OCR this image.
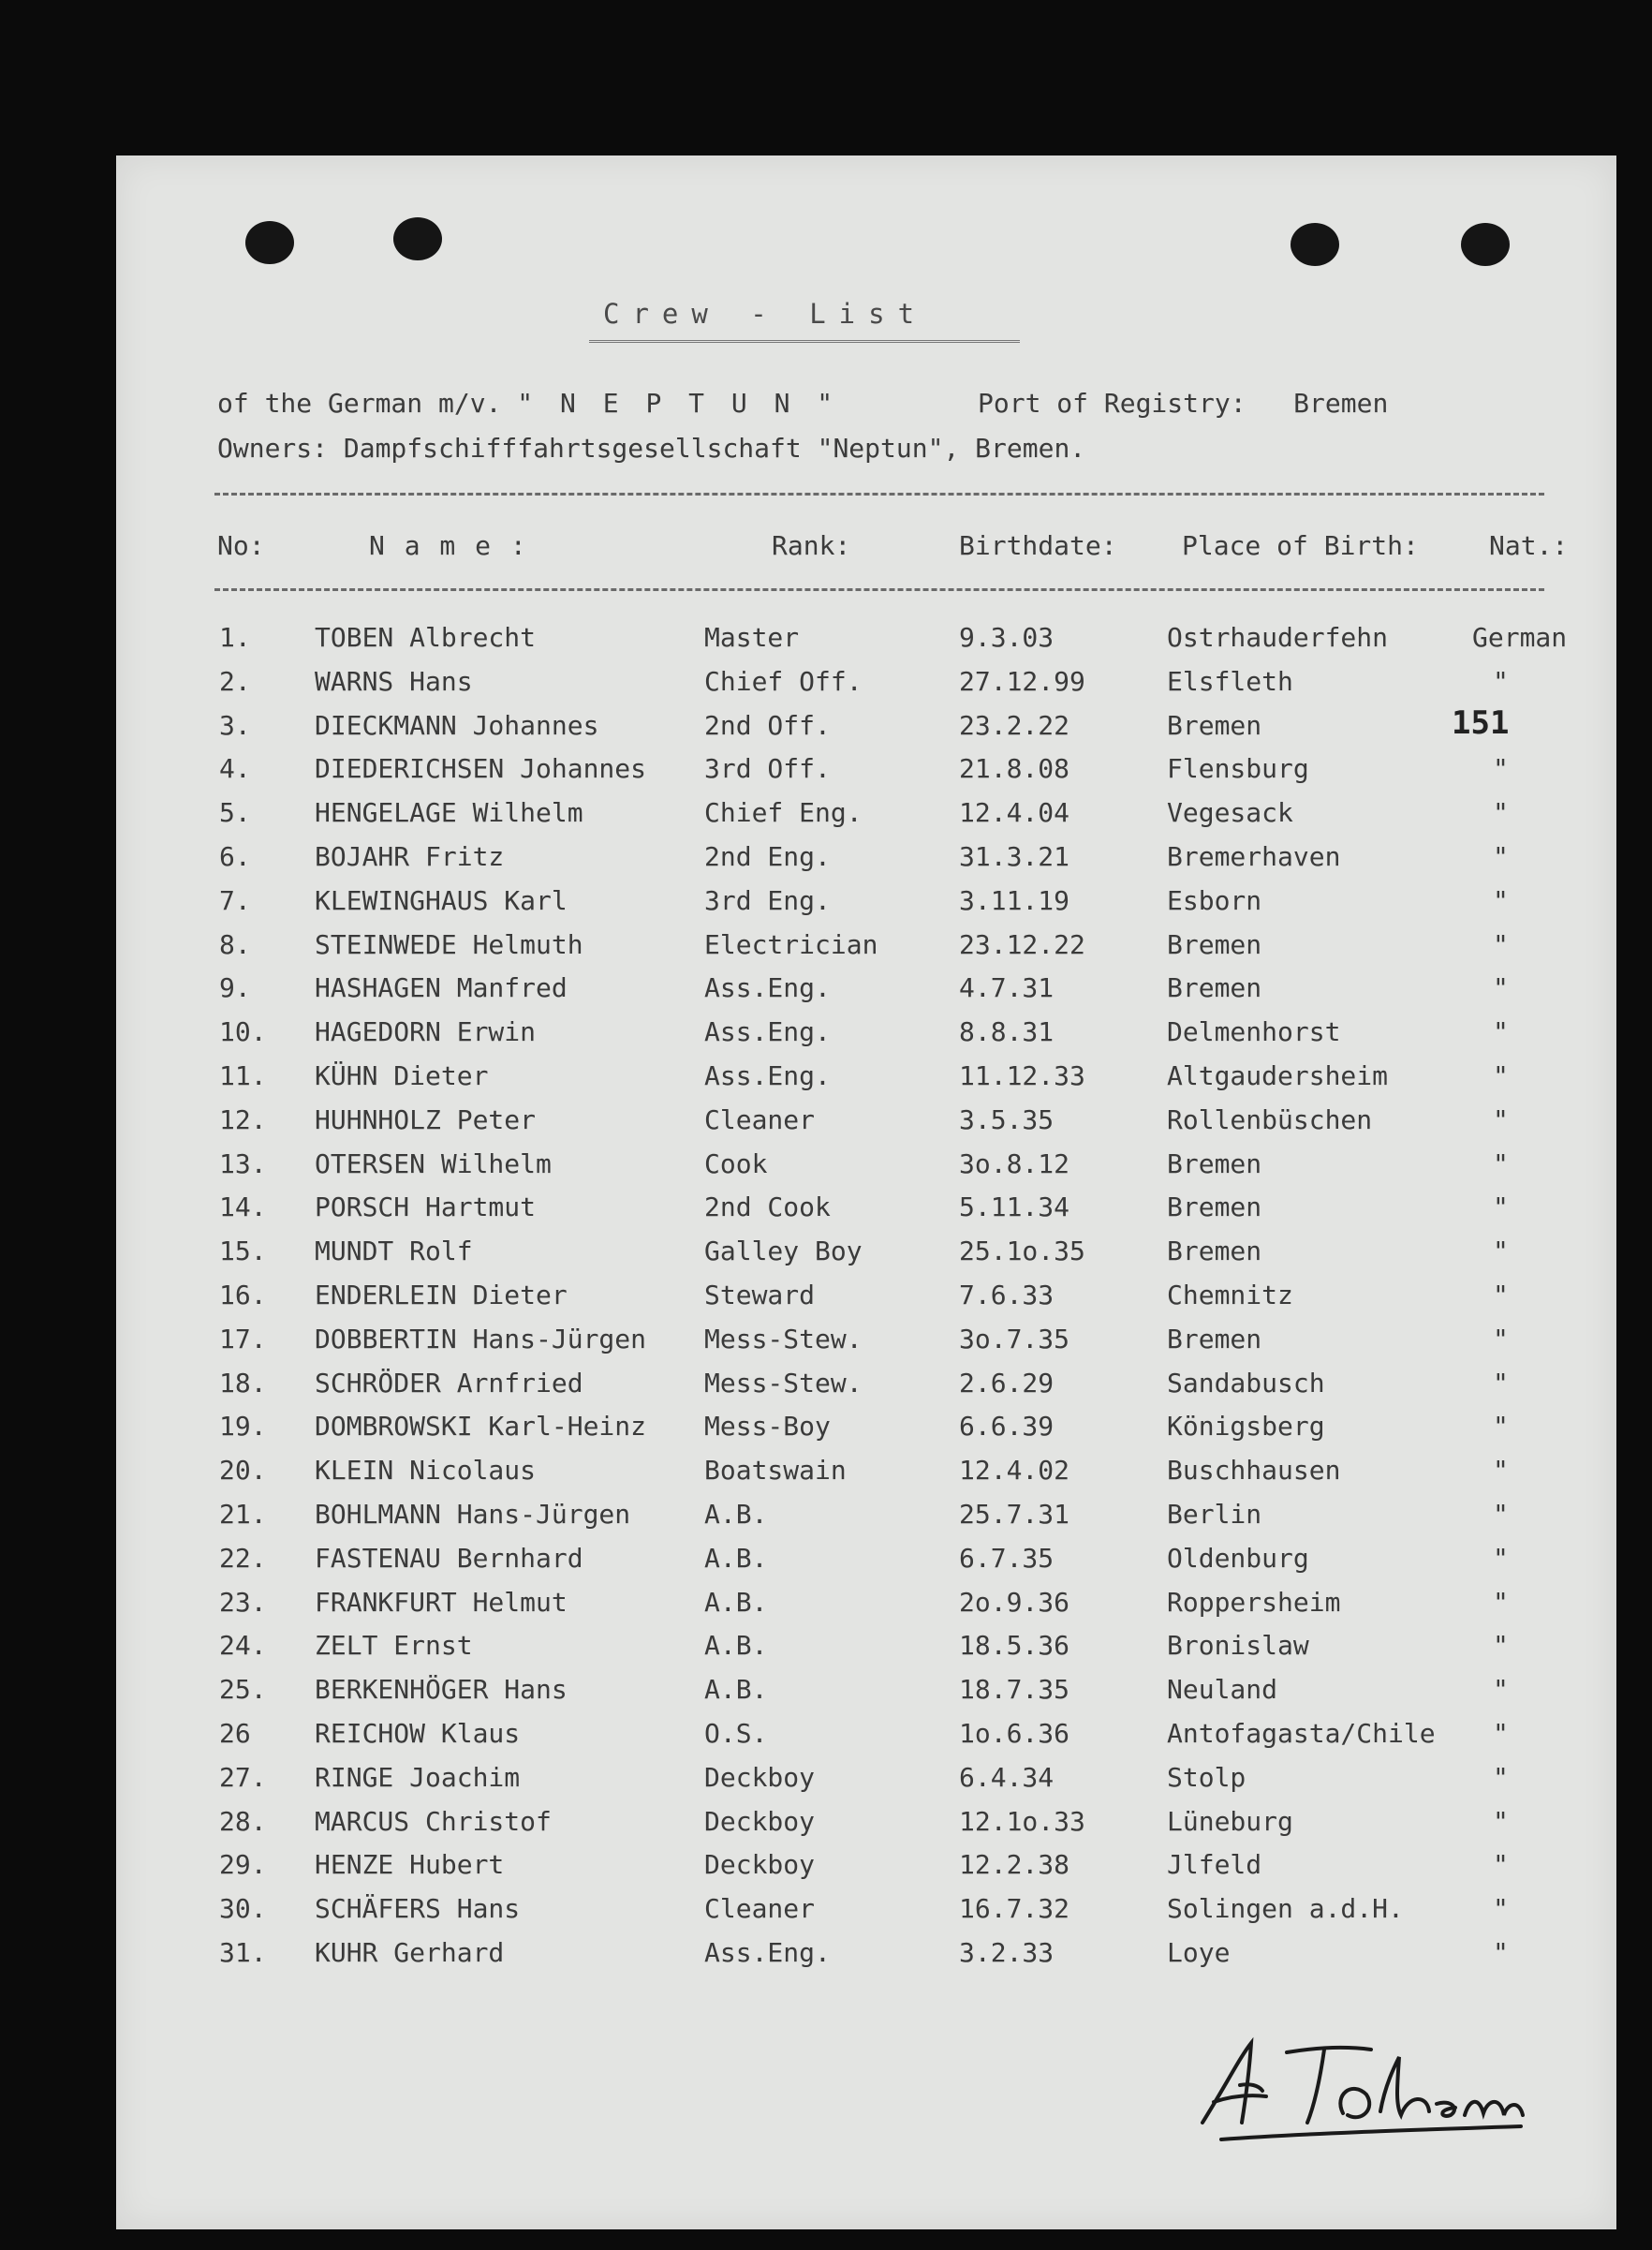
Crew - List
of the German m/v. " N E P T U N "	Port of Registry: Bremen
Owners: Dampfschifffahrtsgesellschaft "Neptun", Bremen.
No:	N a m e :	Rank:	Birthdate: Place of Birth:	Nat.:
1.	TOBEN Albrecht	Master	9.3.03	Ostrhauderfehn	German
2.	WARNS Hans	Chief Off.	27.12.99	Elsfleth	"
3.	DIECKMANN Johannes	2nd Off.	23.2.22	Bremen
4.	DIEDERICHSEN Johannes 3rd Off.	21.8.08	Flensburg	"
5.	HENGELAGE Wilhelm	Chief Eng.	12.4.04	Vegesack	"
6.	BOJAHR Fritz	2nd Eng.	31.3.21	Bremerhaven	"
7.	KLEWINGHAUS Karl	3rd Eng.	3.11.19	Esborn	"
8.	STEINWEDE Helmuth	Electrician	23.12.22	Bremen	"
9.	HASHAGEN Manfred	Ass.Eng.	4.7.31	Bremen	"
10.	HAGEDORN Erwin	Ass.Eng.	8.8.31	Delmenhorst	"
11.	KÜHN Dieter	Ass.Eng.	11.12.33	Altgaudersheim	"
12.	HUHNHOLZ Peter	Cleaner	3.5.35	Rollenbüschen	"
13.	OTERSEN Wilhelm	Cook	3o.8.12	Bremen	"
14.	PORSCH Hartmut	2nd Cook	5.11.34	Bremen	"
15.	MUNDT Rolf	Galley Boy	25.1o.35	Bremen	"
16.	ENDERLEIN Dieter	Steward	7.6.33	Chemnitz	"
17.	DOBBERTIN Hans-Jürgen Mess-Stew.	3o.7.35	Bremen	"
18.	SCHRÖDER Arnfried	Mess-Stew.	2.6.29	Sandabusch	"
19.	DOMBROWSKI Karl-Heinz Mess-Boy	6.6.39	Königsberg	"
20.	KLEIN Nicolaus	Boatswain	12.4.02	Buschhausen	"
21.	BOHLMANN Hans-Jürgen	A.B.	25.7.31	Berlin	"
22.	FASTENAU Bernhard	A.B.	6.7.35	Oldenburg	"
23.	FRANKFURT Helmut	A.B.	2o.9.36	Roppersheim	"
24.	ZELT Ernst	A.B.	18.5.36	Bronislaw	"
25.	BERKENHÖGER Hans	A.B.	18.7.35	Neuland	"
26	REICHOW Klaus	O.S.	1o.6.36	Antofagasta/Chile "
27.	RINGE Joachim	Deckboy	6.4.34	Stolp	"
28.	MARCUS Christof	Deckboy	12.1o.33	Lüneburg	"
29.	HENZE Hubert	Deckboy	12.2.38	Jlfeld	"
30.	SCHÄFERS Hans	Cleaner	16.7.32	Solingen a.d.H.	"
31.	KUHR Gerhard	Ass.Eng.	3.2.33	Loye	"
151
